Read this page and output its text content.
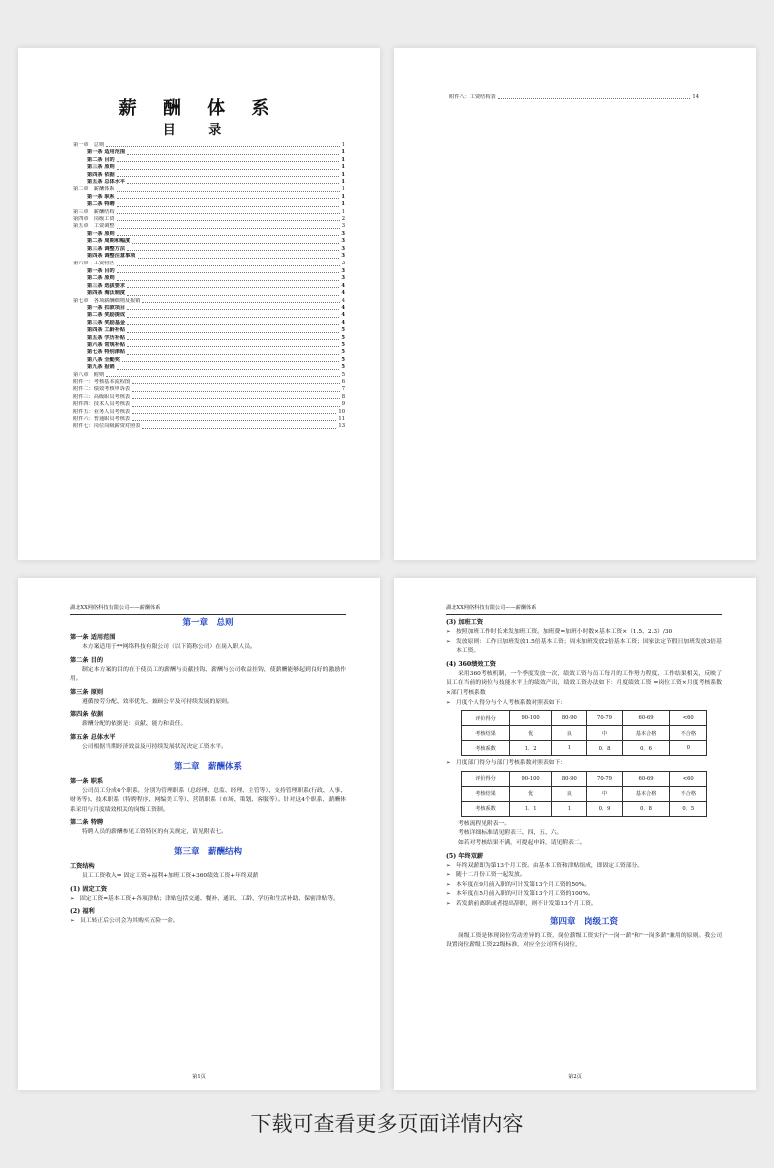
薪 酬 体 系
目 录
第一章　总则	1
第一条 适用范围	1
第二条 目的	1
第三条 原则	1
第四条 依据	1
第五条 总体水平	1
第二章　薪酬体系	1
第一条 职系	1
第二条 特聘	1
第三章　薪酬结构	1
第四章　岗级工资	2
第五章　工资调整	3
第一条 原则	3
第二条 周期和幅度	3
第三条 调整方法	3
第四条 调整注意事项	3
第六章　工资特区	3
第一条 目的	3
第二条 原则	3
第三条 选拔要求	4
第四条 淘汰制度	4
第七章　各项薪酬细则及报销	4
第一条 扣款项目	4
第二条 奖励提成	4
第三条 奖励基金	4
第四条 工龄补贴	5
第五条 学历补贴	5
第六条 常规补贴	5
第七条 特别津贴	5
第八条 全勤奖	5
第九条 报销	5
第八章　附则	5
附件一：考核基本流程图	6
附件二：绩效考核申诉表	7
附件三：高级职员考核表	8
附件四：技术人员考核表	9
附件五：业务人员考核表	10
附件六：普通职员考核表	11
附件七：岗位岗级薪资对照表	13
附件八：工资结构表	14
湖北XX网络科技有限公司——薪酬体系
第一章　总则
第一条 适用范围
本方案适用于**网络科技有限公司（以下简称公司）在岗入职人员。
第二条 目的
制定本方案的目的在于使员工的薪酬与贡献挂钩、薪酬与公司收益挂钩，使薪酬能够起到良好的激励作用。
第三条 原则
遵循按劳分配、效率优先、兼顾公平及可持续发展的原则。
第四条 依据
薪酬分配的依据是：贡献、能力和责任。
第五条 总体水平
公司根据当期经济效益及可持续发展状况决定工资水平。
第二章　薪酬体系
第一条 职系
公司员工分成4个职系，分别为管理职系（总经理、总监、经理、主管等）、支持管理职系(行政、人事、财务等)、技术职系（特聘程序、网编美工等）、营销职系（市场、策划、客服等）。针对这4个职系，薪酬体系采用与月度绩效相关的岗级工资制。
第二条 特聘
特聘人员的薪酬参见工资特区的有关规定，请见附表七。
第三章　薪酬结构
工资结构
员工工资收入= 固定工资+福利+加班工资+360绩效工资+年终双薪
(1) 固定工资
➢ 固定工资=基本工资+各项津贴；津贴包括交通、餐补、通讯、工龄、学历和生活补助、保密津贴等。
(2) 福利
➢ 员工转正后公司会为其购买五险一金。
第1页
湖北XX网络科技有限公司——薪酬体系
(3) 加班工资
➢ 按照加班工作时长来发加班工资。加班费=加班小时数×基本工资×（1.5、2.3）/30
➢ 发放原则：工作日加班发放1.5倍基本工资；周末加班发放2倍基本工资；国家法定节假日加班发放3倍基本工资。
(4) 360绩效工资
采用360考核机制，一个季度发放一次，绩效工资与员工每月的工作努力程度、工作结果相关，反映了员工在当前的岗位与技能水平上的绩效产出，绩效工资办法如下：月度绩效工资 =岗位工资×月度考核系数×部门考核系数
➢ 月度个人得分与个人考核系数对照表如下：
评价得分	90-100	80-90	70-79	60-69	<60
考核结果	优	良	中	基本合格	不合格
考核系数	1．2	1	0．8	0．6	0
➢ 月度部门得分与部门考核系数对照表如下：
评价得分	90-100	80-90	70-79	60-69	<60
考核结果	优	良	中	基本合格	不合格
考核系数	1．1	1	0．9	0．8	0．5
考核流程见附表一。
考核详细标准请见附表三、四、五、六。
如若对考核结果不满，可提起申诉，请见附表二。
(5) 年终双薪
➢ 年终双薪即为第13个月工资。由基本工资和津贴组成，即固定工资部分。
➢ 随十二月份工资一起发放。
➢ 本年度在9月前入职的可计发第13个月工资的50%。
➢ 本年度在5月前入职的可计发第13个月工资的100%。
➢ 若发薪前离职或者提出辞职，则不计发第13个月工资。
第四章　岗级工资
岗级工资是体现岗位劳动差异的工资，岗位薪级工资实行"一岗一薪"和"一岗多薪"兼用的原则。我公司设置岗位薪级工资22级标准，对应全公司所有岗位，
第2页
下载可查看更多页面详情内容
